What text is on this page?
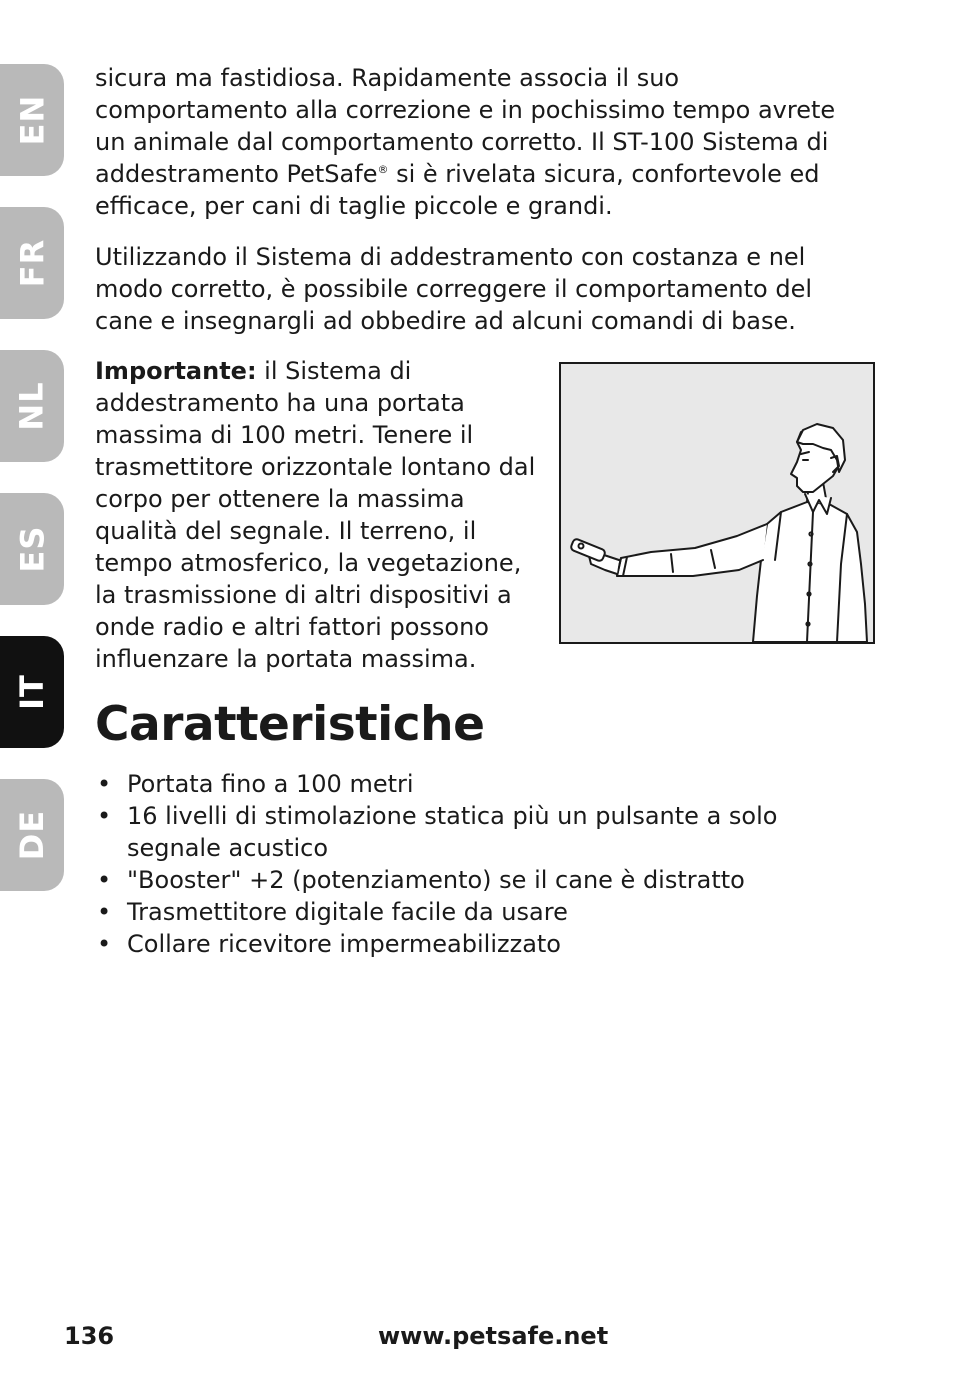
EN
FR
NL
ES
IT
DE

sicura ma fastidiosa. Rapidamente associa il suo comportamento alla correzione e in pochissimo tempo avrete un animale dal comportamento corretto. Il ST-100 Sistema di addestramento PetSafe® si è rivelata sicura, confortevole ed efficace, per cani di taglie piccole e grandi.

Utilizzando il Sistema di addestramento con costanza e nel modo corretto, è possibile correggere il comportamento del cane e insegnargli ad obbedire ad alcuni comandi di base.

Importante: il Sistema di addestramento ha una portata massima di 100 metri. Tenere il trasmettitore orizzontale lontano dal corpo per ottenere la massima qualità del segnale. Il terreno, il tempo atmosferico, la vegetazione, la trasmissione di altri dispositivi a onde radio e altri fattori possono influenzare la portata massima.

Caratteristiche
• Portata fino a 100 metri
• 16 livelli di stimolazione statica più un pulsante a solo segnale acustico
• "Booster" +2 (potenziamento) se il cane è distratto
• Trasmettitore digitale facile da usare
• Collare ricevitore impermeabilizzato
136	www.petsafe.net
